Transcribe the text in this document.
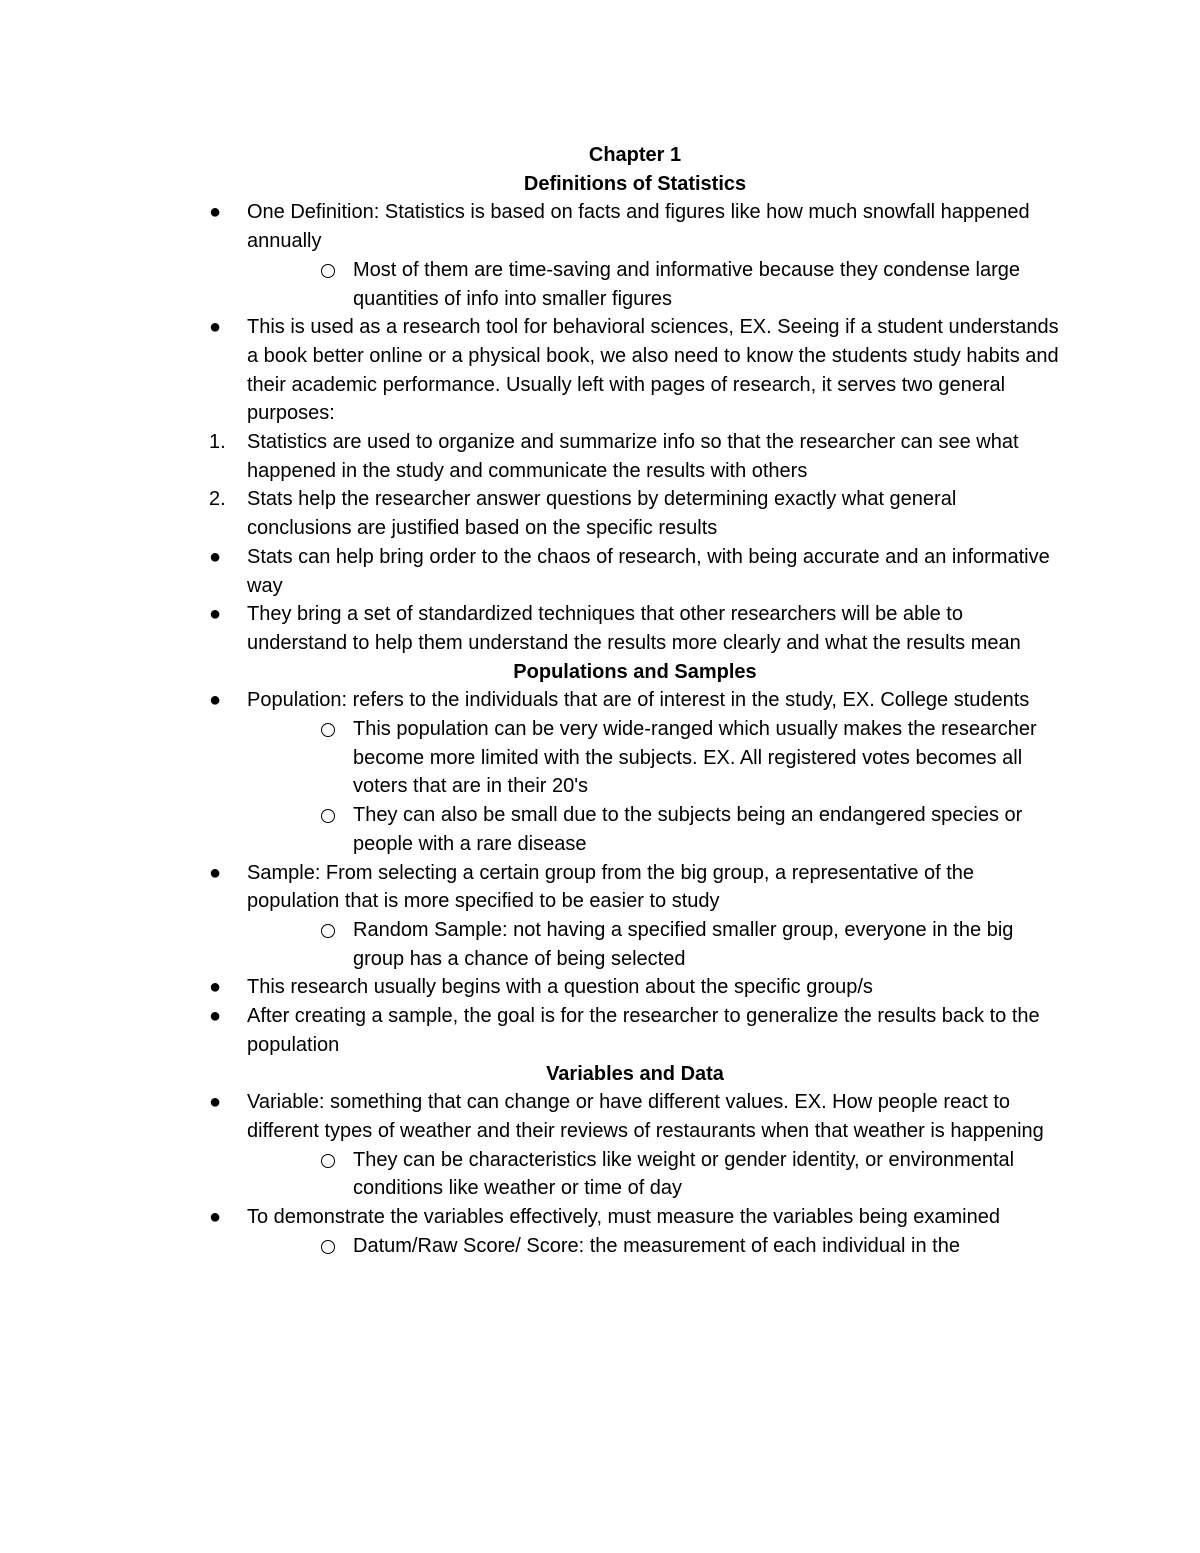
Chapter 1
Definitions of Statistics
●	One Definition: Statistics is based on facts and figures like how much snowfall happened annually
Most of them are time-saving and informative because they condense large quantities of info into smaller figures
●	This is used as a research tool for behavioral sciences, EX. Seeing if a student understands a book better online or a physical book, we also need to know the students study habits and their academic performance. Usually left with pages of research, it serves two general purposes:
1.	Statistics are used to organize and summarize info so that the researcher can see what happened in the study and communicate the results with others
2.	Stats help the researcher answer questions by determining exactly what general conclusions are justified based on the specific results
●	Stats can help bring order to the chaos of research, with being accurate and an informative way
●	They bring a set of standardized techniques that other researchers will be able to understand to help them understand the results more clearly and what the results mean
Populations and Samples
●	Population: refers to the individuals that are of interest in the study, EX. College students
This population can be very wide-ranged which usually makes the researcher become more limited with the subjects. EX. All registered votes becomes all voters that are in their 20's
They can also be small due to the subjects being an endangered species or people with a rare disease
●	Sample: From selecting a certain group from the big group, a representative of the population that is more specified to be easier to study
Random Sample: not having a specified smaller group, everyone in the big group has a chance of being selected
●	This research usually begins with a question about the specific group/s
●	After creating a sample, the goal is for the researcher to generalize the results back to the population
Variables and Data
●	Variable: something that can change or have different values. EX. How people react to different types of weather and their reviews of restaurants when that weather is happening
They can be characteristics like weight or gender identity, or environmental conditions like weather or time of day
●	To demonstrate the variables effectively, must measure the variables being examined
Datum/Raw Score/ Score: the measurement of each individual in the
